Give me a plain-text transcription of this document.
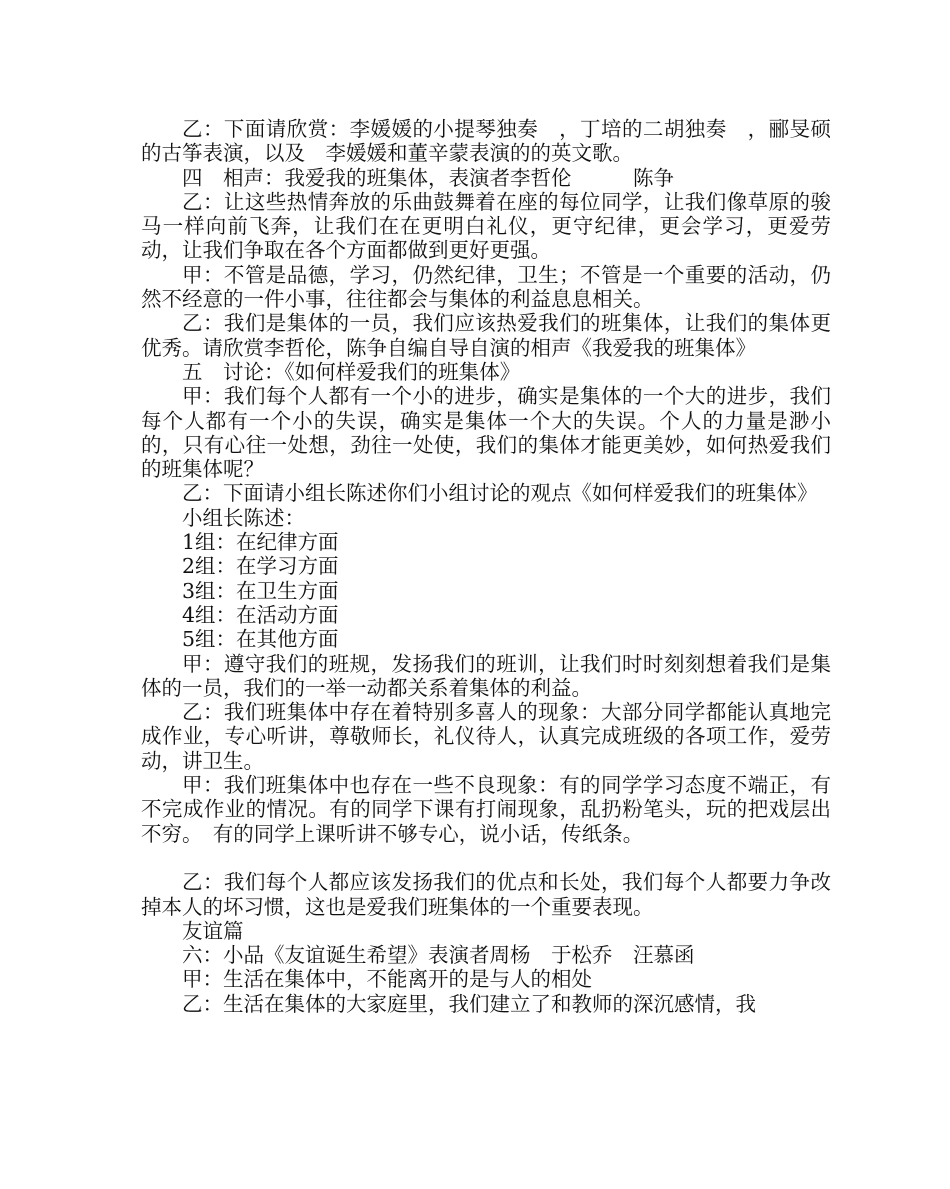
乙：下面请欣赏：李媛媛的小提琴独奏　，丁培的二胡独奏　，郦旻硕的古筝表演，以及　李媛媛和董辛蒙表演的的英文歌。

四　相声：我爱我的班集体，表演者李哲伦　　　陈争

乙：让这些热情奔放的乐曲鼓舞着在座的每位同学，让我们像草原的骏马一样向前飞奔，让我们在在更明白礼仪，更守纪律，更会学习，更爱劳动，让我们争取在各个方面都做到更好更强。

甲：不管是品德，学习，仍然纪律，卫生；不管是一个重要的活动，仍然不经意的一件小事，往往都会与集体的利益息息相关。

乙：我们是集体的一员，我们应该热爱我们的班集体，让我们的集体更优秀。请欣赏李哲伦，陈争自编自导自演的相声《我爱我的班集体》

五　讨论：《如何样爱我们的班集体》

甲：我们每个人都有一个小的进步，确实是集体的一个大的进步，我们每个人都有一个小的失误，确实是集体一个大的失误。个人的力量是渺小的，只有心往一处想，劲往一处使，我们的集体才能更美妙，如何热爱我们的班集体呢？

乙：下面请小组长陈述你们小组讨论的观点《如何样爱我们的班集体》

小组长陈述：

1组：在纪律方面

2组：在学习方面

3组：在卫生方面

4组：在活动方面

5组：在其他方面

甲：遵守我们的班规，发扬我们的班训，让我们时时刻刻想着我们是集体的一员，我们的一举一动都关系着集体的利益。

乙：我们班集体中存在着特别多喜人的现象：大部分同学都能认真地完成作业，专心听讲，尊敬师长，礼仪待人，认真完成班级的各项工作，爱劳动，讲卫生。

甲：我们班集体中也存在一些不良现象：有的同学学习态度不端正，有不完成作业的情况。有的同学下课有打闹现象，乱扔粉笔头，玩的把戏层出不穷。　有的同学上课听讲不够专心，说小话，传纸条。

乙：我们每个人都应该发扬我们的优点和长处，我们每个人都要力争改掉本人的坏习惯，这也是爱我们班集体的一个重要表现。

友谊篇

六：小品《友谊诞生希望》表演者周杨　于松乔　汪慕函

甲：生活在集体中，不能离开的是与人的相处

乙：生活在集体的大家庭里，我们建立了和教师的深沉感情，我
